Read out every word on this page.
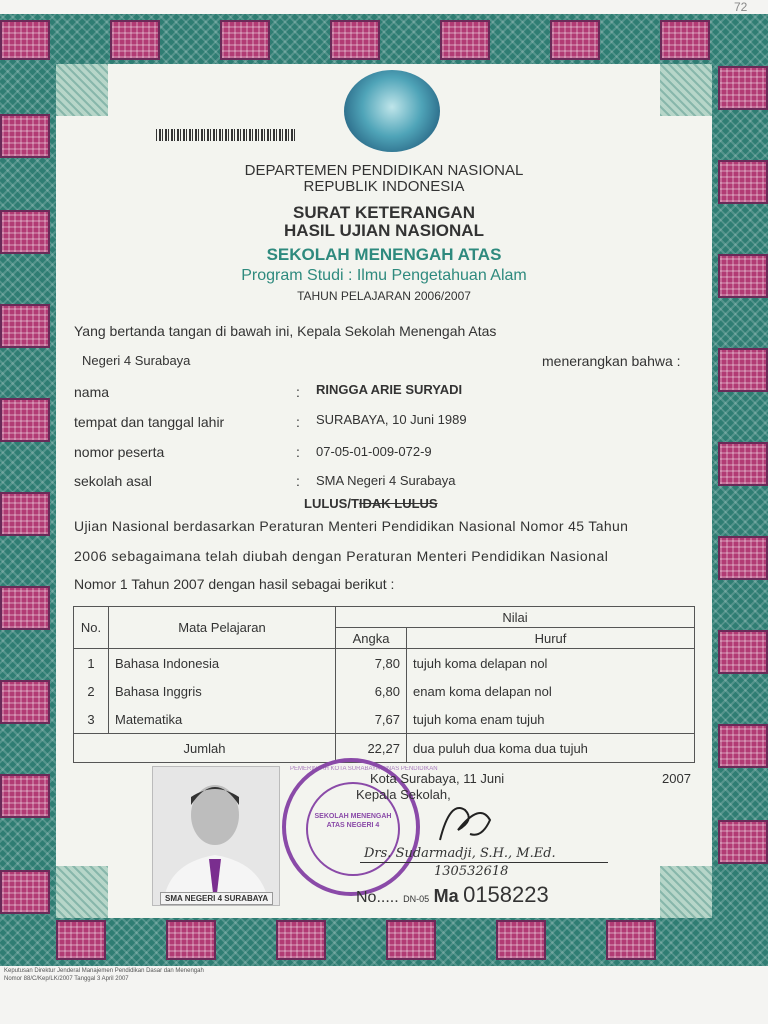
72
DEPARTEMEN PENDIDIKAN NASIONAL
REPUBLIK INDONESIA
SURAT KETERANGAN
HASIL UJIAN NASIONAL
SEKOLAH MENENGAH ATAS
Program Studi : Ilmu Pengetahuan Alam
TAHUN PELAJARAN 2006/2007
Yang bertanda tangan di bawah ini, Kepala Sekolah Menengah Atas
Negeri 4 Surabaya	menerangkan bahwa :
nama	: RINGGA ARIE SURYADI
tempat dan tanggal lahir	: SURABAYA, 10 Juni 1989
nomor peserta	: 07-05-01-009-072-9
sekolah asal	: SMA Negeri 4 Surabaya
LULUS/TIDAK LULUS
Ujian Nasional berdasarkan Peraturan Menteri Pendidikan Nasional Nomor 45 Tahun
2006 sebagaimana telah diubah dengan Peraturan Menteri Pendidikan Nasional
Nomor 1 Tahun 2007 dengan hasil sebagai berikut :
No.	Mata Pelajaran	Nilai	
		Angka	Huruf
1	Bahasa Indonesia	7,80	tujuh koma delapan nol
2	Bahasa Inggris	6,80	enam koma delapan nol
3	Matematika	7,67	tujuh koma enam tujuh
Jumlah		22,27	dua puluh dua koma dua tujuh
SMA NEGERI 4 SURABAYA
SEKOLAH MENENGAH ATAS NEGERI 4
PEMERINTAH KOTA SURABAYA DINAS PENDIDIKAN
Kota Surabaya, 11 Juni	2007
Kepala Sekolah,
Drs. Sudarmadji, S.H., M.Ed.
130532618
No..... DN-05 Ma 0158223
Keputusan Direktur Jenderal Manajemen Pendidikan Dasar dan Menengah
Nomor 88/C/Kep/LK/2007 Tanggal 3 April 2007
